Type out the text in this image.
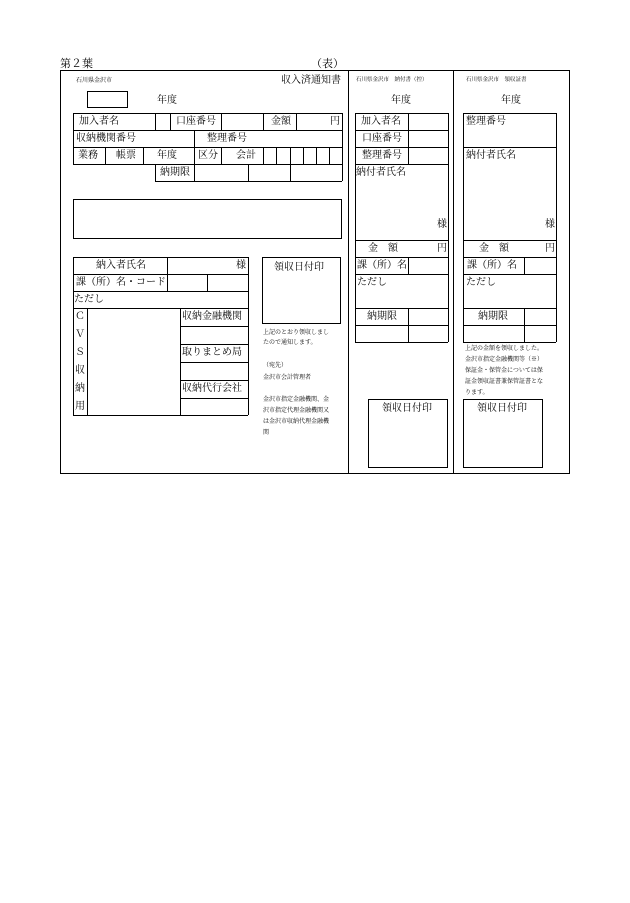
第２葉	（表）
石川県金沢市	収入済通知書
年度
加入者名	口座番号	金額	円
収納機関番号	整理番号
業務 帳票 年度 区分 会計
納期限
納入者氏名	様
課（所）名・コード
ただし
Ｃ
Ｖ
Ｓ
収
納
用
収納金融機関
取りまとめ局
収納代行会社
領収日付印
上記のとおり領収しまし
たので通知します。
（宛先）
金沢市会計管理者
金沢市指定金融機関、金
沢市指定代理金融機関又
は金沢市収納代理金融機
関
石川県金沢市　納付書（控）
年度
加入者名
口座番号
整理番号
納付者氏名
様
金　額	円
課（所）名
ただし
納期限
領収日付印
石川県金沢市　領収証書
年度
整理番号
納付者氏名
様
金　額	円
課（所）名
ただし
納期限
上記の金額を領収しました。
金沢市指定金融機関等（※）
保証金・保管金については保
証金領収証書兼保管証書とな
ります。
領収日付印
